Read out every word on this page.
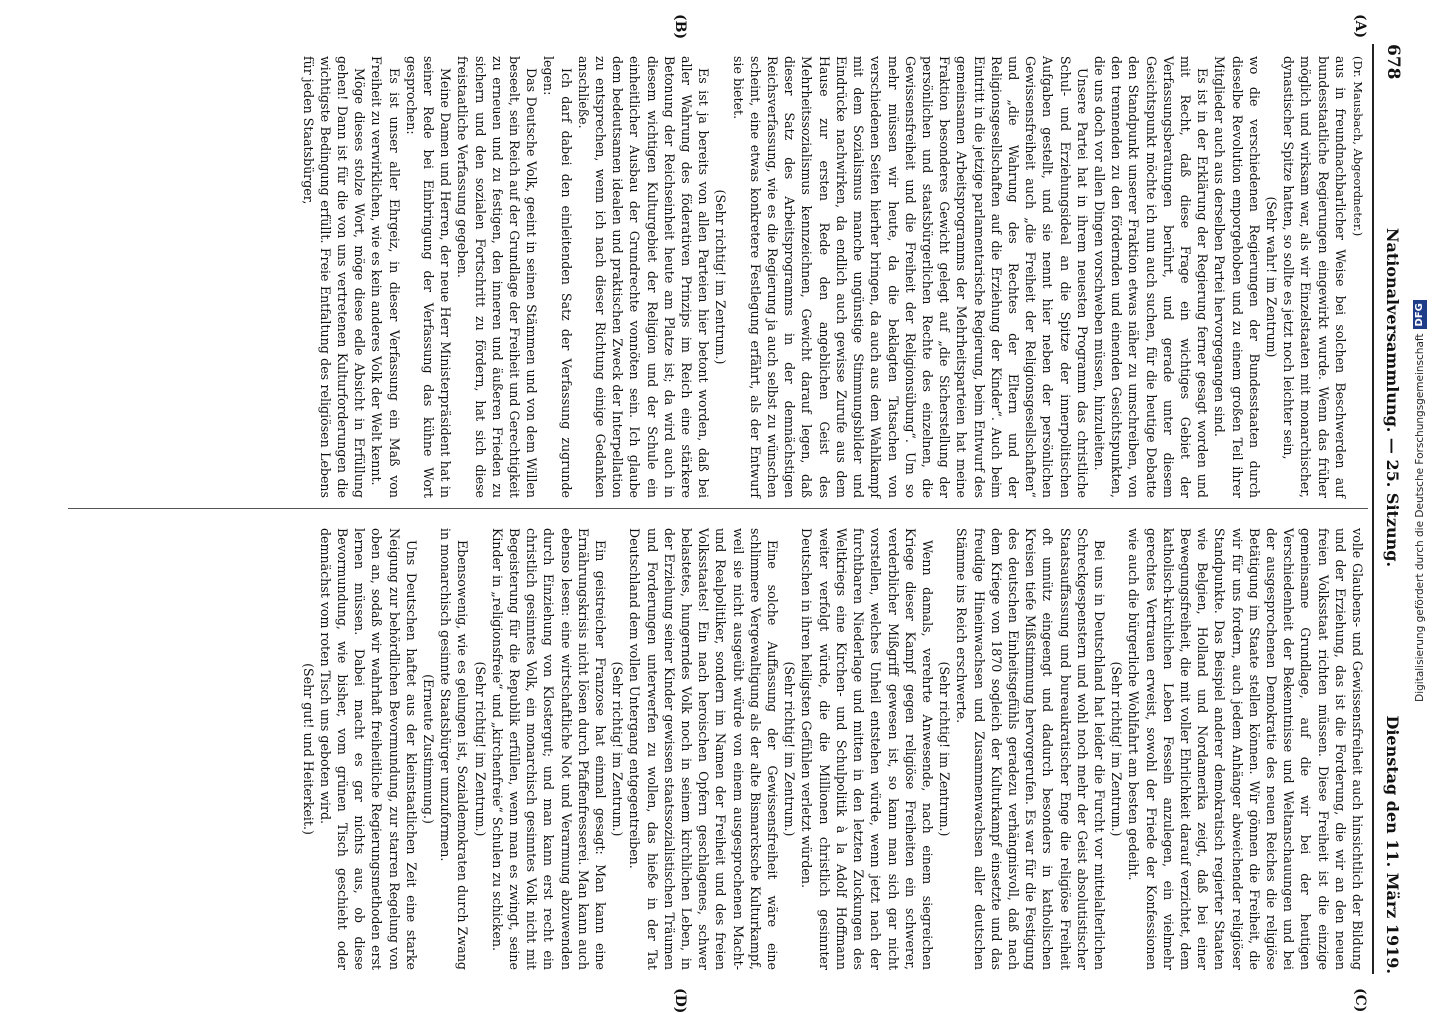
678
Nationalversammlung. — 25. Sitzung.
Dienstag den 11. März 1919.
(A)
(B)
(C)
(D)

(Dr. Mausbach, Abgeordneter.)

aus in freundnachbarlicher Weise bei solchen Beschwerden auf bundesstaatliche Regierungen eingewirkt wurde. Wenn das früher möglich und wirksam war, als wir Einzelstaaten mit monarchischer, dynastischer Spitze hatten, so sollte es jetzt noch leichter sein,

(Sehr wahr! im Zentrum)

wo die verschiedenen Regierungen der Bundesstaaten durch dieselbe Revolution emporgehoben und zu einem großen Teil ihrer Mitglieder auch aus derselben Partei hervorgegangen sind.

Es ist in der Erklärung der Regierung ferner gesagt worden und mit Recht, daß diese Frage ein wichtiges Gebiet der Verfassungsberatungen berührt, und gerade unter diesem Gesichtspunkt möchte ich nun auch suchen, für die heutige Debatte den Standpunkt unserer Fraktion etwas näher zu umschreiben, von den trennenden zu den fördernden und einenden Gesichtspunkten, die uns doch vor allen Dingen vorschweben müssen, hinzuleiten.

Unsere Partei hat in ihrem neuesten Programm das christliche Schul- und Erziehungsideal an die Spitze der innerpolitischen Aufgaben gestellt, und sie nennt hier neben der persönlichen Gewissensfreiheit auch „die Freiheit der Religionsgesellschaften“ und „die Wahrung des Rechtes der Eltern und der Religionsgesellschaften auf die Erziehung der Kinder“. Auch beim Eintritt in die jetzige parlamentarische Regierung, beim Entwurf des gemeinsamen Arbeitsprogramms der Mehrheitsparteien hat meine Fraktion besonderes Gewicht gelegt auf „die Sicherstellung der persönlichen und staatsbürgerlichen Rechte des einzelnen, die Gewissensfreiheit und die Freiheit der Religionsübung“. Um so mehr müssen wir heute, da die beklagten Tatsachen von verschiedenen Seiten hierher bringen, da auch aus dem Wahlkampf mit dem Sozialismus manche ungünstige Stimmungsbilder und Eindrücke nachwirken, da endlich auch gewisse Zurufe aus dem Hause zur ersten Rede den angeblichen Geist des Mehrheitssozialismus kennzeichnen, Gewicht darauf legen, daß dieser Satz des Arbeitsprogramms in der demnächstigen Reichsverfassung, wie es die Regierung ja auch selbst zu wünschen scheint, eine etwas konkretere Festlegung erfährt, als der Entwurf sie bietet.

(Sehr richtig! im Zentrum.)

Es ist ja bereits von allen Parteien hier betont worden, daß bei aller Wahrung des föderativen Prinzips im Reich eine stärkere Betonung der Reichseinheit heute am Platze ist; da wird auch in diesem wichtigen Kulturgebiet der Religion und der Schule ein einheitlicher Ausbau der Grundrechte vonnöten sein. Ich glaube dem bedeutsamen idealen und praktischen Zweck der Interpellation zu entsprechen, wenn ich nach dieser Richtung einige Gedanken anschließe.

Ich darf dabei den einleitenden Satz der Verfassung zugrunde legen:

Das Deutsche Volk, geeint in seinen Stämmen und von dem Willen beseelt, sein Reich auf der Grundlage der Freiheit und Gerechtigkeit zu erneuen und zu festigen, den inneren und äußeren Frieden zu sichern und den sozialen Fortschritt zu fördern, hat sich diese freistaatliche Verfassung gegeben.

Meine Damen und Herren, der neue Herr Ministerpräsident hat in seiner Rede bei Einbringung der Verfassung das kühne Wort gesprochen:

Es ist unser aller Ehrgeiz, in dieser Verfassung ein Maß von Freiheit zu verwirklichen, wie es kein anderes Volk der Welt kennt.

Möge dieses stolze Wort, möge diese edle Absicht in Erfüllung gehen! Dann ist für die von uns vertretenen Kulturforderungen die wichtigste Bedingung erfüllt. Freie Entfaltung des religiösen Lebens für jeden Staatsbürger,

volle Glaubens- und Gewissensfreiheit auch hinsichtlich der Bildung und der Erziehung, das ist die Forderung, die wir an den neuen freien Volksstaat richten müssen. Diese Freiheit ist die einzige gemeinsame Grundlage, auf die wir bei der heutigen Verschiedenheit der Bekenntnisse und Weltanschauungen und bei der ausgesprochenen Demokratie des neuen Reiches die religiöse Betätigung im Staate stellen können. Wir gönnen die Freiheit, die wir für uns fordern, auch jedem Anhänger abweichender religiöser Standpunkte. Das Beispiel anderer demokratisch regierter Staaten wie Belgien, Holland und Nordamerika zeigt, daß bei einer Bewegungsfreiheit, die mit voller Ehrlichkeit darauf verzichtet, dem katholisch-kirchlichen Leben Fesseln anzulegen, ein vielmehr gerechtes Vertrauen erweist, sowohl der Friede der Konfessionen wie auch die bürgerliche Wohlfahrt am besten gedeiht.

(Sehr richtig! im Zentrum.)

Bei uns in Deutschland hat leider die Furcht vor mittelalterlichen Schreckgespenstern und wohl noch mehr der Geist absolutistischer Staatsauffassung und bureaukratischer Enge die religiöse Freiheit oft unnütz eingeengt und dadurch besonders in katholischen Kreisen tiefe Mißstimmung hervorgerufen. Es war für die Festigung des deutschen Einheitsgefühls geradezu verhängnisvoll, daß nach dem Kriege von 1870 sogleich der Kulturkampf einsetzte und das freudige Hineinwachsen und Zusammenwachsen aller deutschen Stämme ins Reich erschwerte.

(Sehr richtig! im Zentrum.)

Wenn damals, verehrte Anwesende, nach einem siegreichen Kriege dieser Kampf gegen religiöse Freiheiten ein schwerer, verderblicher Mißgriff gewesen ist, so kann man sich gar nicht vorstellen, welches Unheil entstehen würde, wenn jetzt nach der furchtbaren Niederlage und mitten in den letzten Zuckungen des Weltkriegs eine Kirchen- und Schulpolitik à la Adolf Hoffmann weiter verfolgt würde, die die Millionen christlich gesinnter Deutschen in ihren heiligsten Gefühlen verletzt würden.

(Sehr richtig! im Zentrum.)

Eine solche Auffassung der Gewissensfreiheit wäre eine schlimmere Vergewaltigung als der alte Bismarcksche Kulturkampf, weil sie nicht ausgeübt würde von einem ausgesprochenen Macht- und Realpolitiker, sondern im Namen der Freiheit und des freien Volksstaates! Ein nach heroischen Opfern geschlagenes, schwer belastetes, hungerndes Volk noch in seinem kirchlichen Leben, in der Erziehung seiner Kinder gewissen staatssozialistischen Träumen und Forderungen unterwerfen zu wollen, das hieße in der Tat Deutschland dem vollen Untergang entgegentreiben.

(Sehr richtig! im Zentrum.)

Ein geistreicher Franzose hat einmal gesagt: Man kann eine Ernährungskrisis nicht lösen durch Pfaffenfresserei. Man kann auch ebenso lesen: eine wirtschaftliche Not und Verarmung abzuwenden durch Einziehung von Klostergut; und man kann erst recht ein christlich gesinntes Volk, ein monarchisch gesinntes Volk nicht mit Begeisterung für die Republik erfüllen, wenn man es zwingt, seine Kinder in „religionsfreie“ und „kirchenfreie“ Schulen zu schicken.

(Sehr richtig! im Zentrum.)

Ebensowenig, wie es gelungen ist, Sozialdemokraten durch Zwang in monarchisch gesinnte Staatsbürger umzuformen.

(Erneute Zustimmung.)

Uns Deutschen haftet aus der kleinstaatlichen Zeit eine starke Neigung zur behördlichen Bevormundung, zur starren Regelung von oben an, sodaß wir wahrhaft freiheitliche Regierungsmethoden erst lernen müssen. Dabei macht es gar nichts aus, ob diese Bevormundung, wie bisher, vom grünen Tisch geschieht oder demnächst vom roten Tisch uns geboten wird.

(Sehr gut! und Heiterkeit.)

Digitalisierung gefördert durch die Deutsche Forschungsgemeinschaft
DFG
